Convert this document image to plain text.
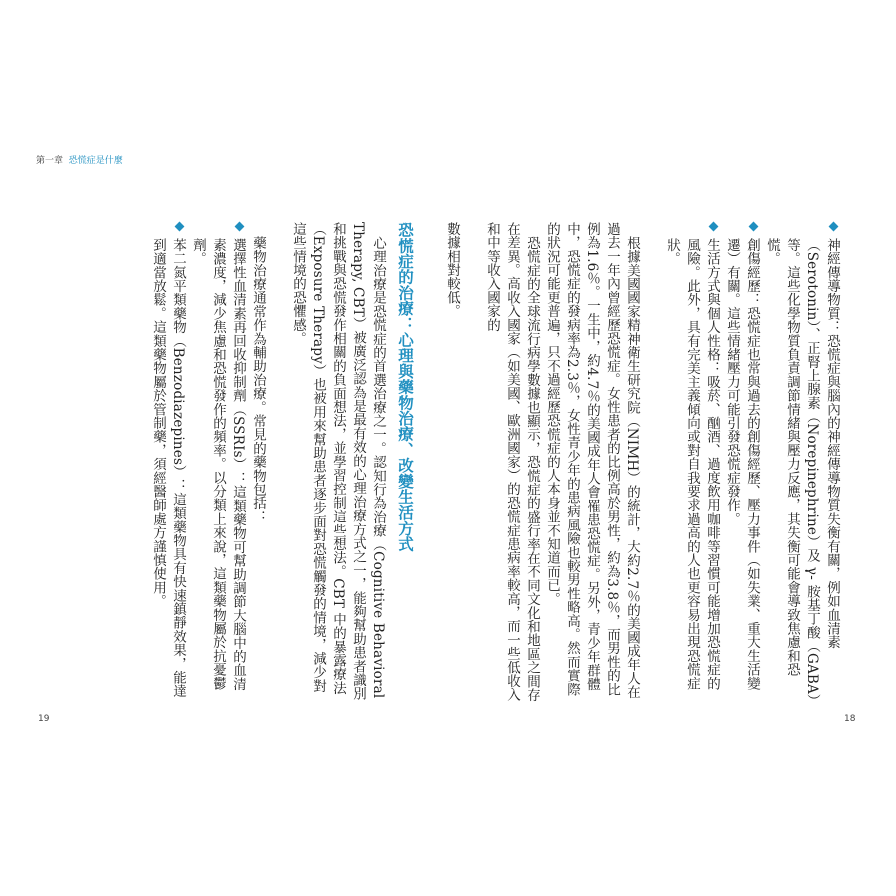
第一章 恐慌症是什麼

神經傳導物質：恐慌症與腦內的神經傳導物質失衡有關，例如血清素（Serotonin）、正腎上腺素（Norepinephrine）及 γ- 胺基丁酸（GABA）等。這些化學物質負責調節情緒與壓力反應，其失衡可能會導致焦慮和恐慌。

創傷經歷：恐慌症也常與過去的創傷經歷、壓力事件（如失業、重大生活變遷）有關。這些情緒壓力可能引發恐慌症發作。

生活方式與個人性格：吸菸、酗酒、過度飲用咖啡等習慣可能增加恐慌症的風險。此外，具有完美主義傾向或對自我要求過高的人也更容易出現恐慌症狀。

根據美國國家精神衛生研究院（NIMH）的統計，大約2.7％的美國成年人在過去一年內曾經歷恐慌症。女性患者的比例高於男性，約為3.8％，而男性的比例為1.6％。一生中，約4.7％的美國成年人會罹患恐慌症。另外，青少年群體中，恐慌症的發病率為2.3％，女性青少年的患病風險也較男性略高。然而實際的狀況可能更普遍，只不過經歷恐慌症的人本身並不知道而已。

恐慌症的全球流行病學數據也顯示，恐慌症的盛行率在不同文化和地區之間存在差異。高收入國家（如美國、歐洲國家）的恐慌症患病率較高，而一些低收入和中等收入國家的

數據相對較低。

恐慌症的治療：心理與藥物治療、改變生活方式

心理治療是恐慌症的首選治療之一。認知行為治療（Cognitive Behavioral Therapy, CBT）被廣泛認為是最有效的心理治療方式之一，能夠幫助患者識別和挑戰與恐慌發作相關的負面想法，並學習控制這些想法。CBT 中的暴露療法（Exposure Therapy）也被用來幫助患者逐步面對恐慌觸發的情境，減少對這些情境的恐懼感。

藥物治療通常作為輔助治療。常見的藥物包括：

選擇性血清素再回收抑制劑（SSRIs）：這類藥物可幫助調節大腦中的血清素濃度，減少焦慮和恐慌發作的頻率。以分類上來說，這類藥物屬於抗憂鬱劑。

苯二氮平類藥物（Benzodiazepines）：這類藥物具有快速鎮靜效果，能達到適當放鬆。這類藥物屬於管制藥，須經醫師處方謹慎使用。

19	18
